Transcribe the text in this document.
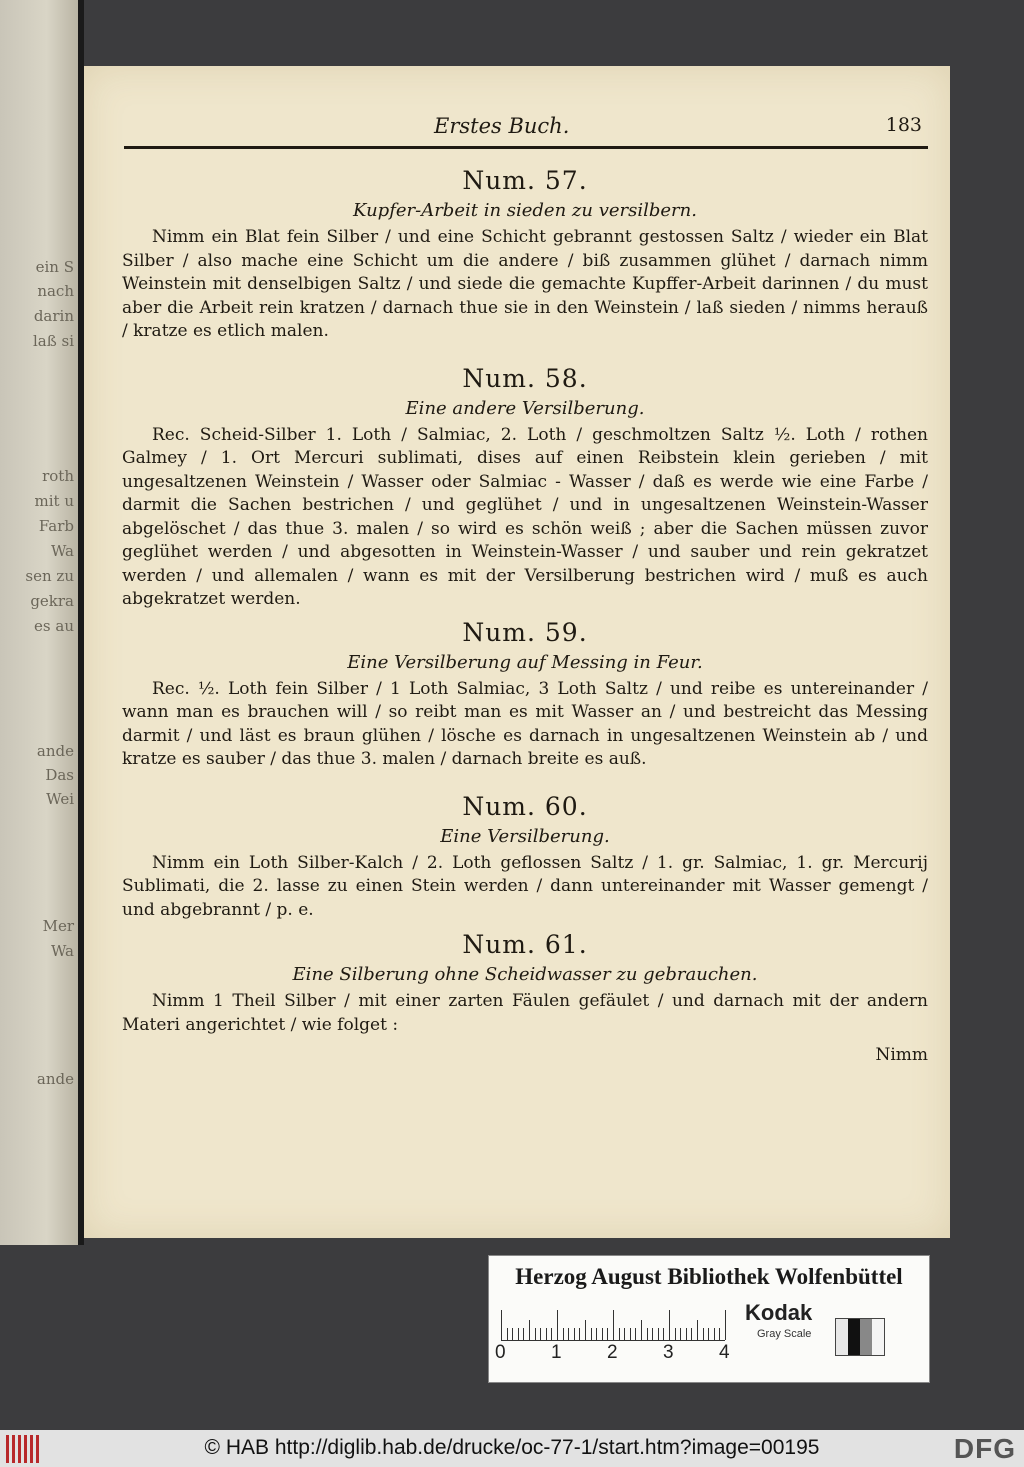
ein S
nach
darin
laß si
roth
mit u
Farb
Wa
sen zu
gekra
es au
ande
Das
Wei
Mer
Wa
ande
Erstes Buch.	183
Num. 57.
Kupfer-Arbeit in sieden zu versilbern.
Nimm ein Blat fein Silber / und eine Schicht gebrannt gestossen Saltz / wieder ein Blat Silber / also mache eine Schicht um die andere / biß zusammen glühet / darnach nimm Weinstein mit denselbigen Saltz / und siede die gemachte Kupffer-Arbeit darinnen / du must aber die Arbeit rein kratzen / darnach thue sie in den Weinstein / laß sieden / nimms herauß / kratze es etlich malen.
Num. 58.
Eine andere Versilberung.
Rec. Scheid-Silber 1. Loth / Salmiac, 2. Loth / geschmoltzen Saltz ½. Loth / rothen Galmey / 1. Ort Mercuri sublimati, dises auf einen Reibstein klein gerieben / mit ungesaltzenen Weinstein / Wasser oder Salmiac - Wasser / daß es werde wie eine Farbe / darmit die Sachen bestrichen / und geglühet / und in ungesaltzenen Weinstein-Wasser abgelöschet / das thue 3. malen / so wird es schön weiß ; aber die Sachen müssen zuvor geglühet werden / und abgesotten in Weinstein-Wasser / und sauber und rein gekratzet werden / und allemalen / wann es mit der Versilberung bestrichen wird / muß es auch abgekratzet werden.
Num. 59.
Eine Versilberung auf Messing in Feur.
Rec. ½. Loth fein Silber / 1 Loth Salmiac, 3 Loth Saltz / und reibe es untereinander / wann man es brauchen will / so reibt man es mit Wasser an / und bestreicht das Messing darmit / und läst es braun glühen / lösche es darnach in ungesaltzenen Weinstein ab / und kratze es sauber / das thue 3. malen / darnach breite es auß.
Num. 60.
Eine Versilberung.
Nimm ein Loth Silber-Kalch / 2. Loth geflossen Saltz / 1. gr. Salmiac, 1. gr. Mercurij Sublimati, die 2. lasse zu einen Stein werden / dann untereinander mit Wasser gemengt / und abgebrannt / p. e.
Num. 61.
Eine Silberung ohne Scheidwasser zu gebrauchen.
Nimm 1 Theil Silber / mit einer zarten Fäulen gefäulet / und darnach mit der andern Materi angerichtet / wie folget :
Nimm
Herzog August Bibliothek Wolfenbüttel
0 1 2 3 4
Kodak
Gray Scale
© HAB http://diglib.hab.de/drucke/oc-77-1/start.htm?image=00195	DFG
